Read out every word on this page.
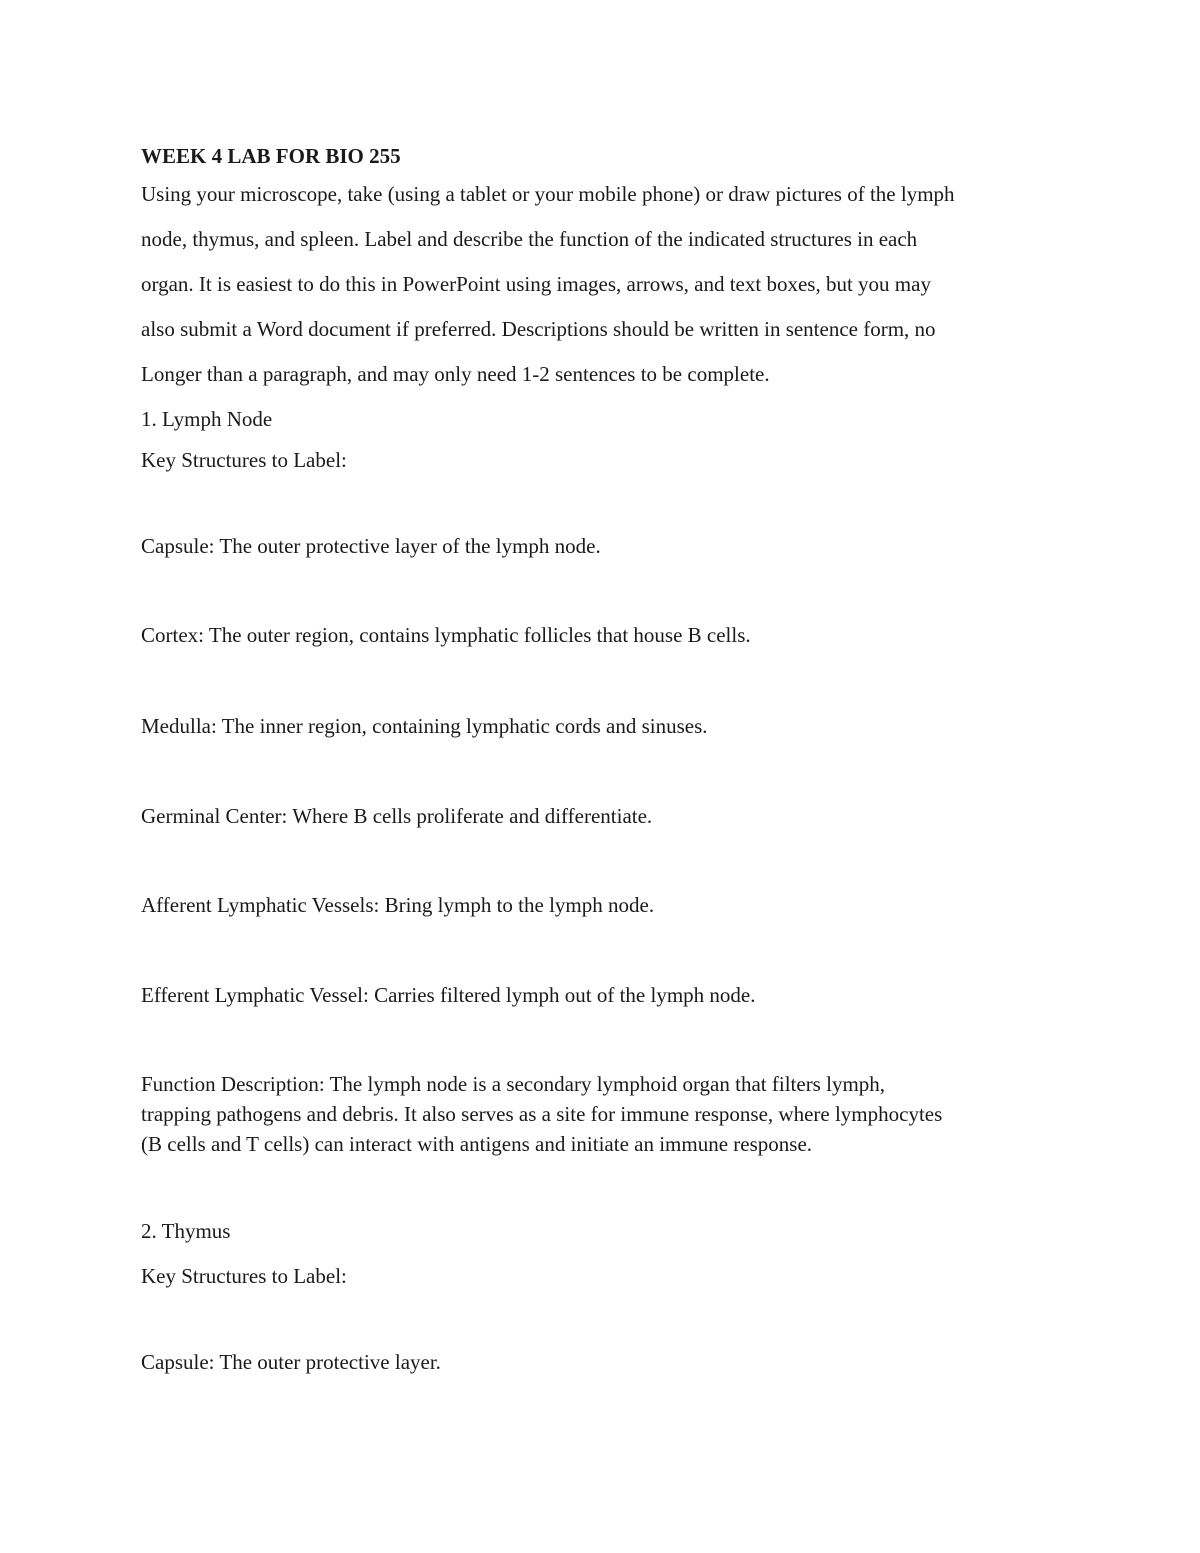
WEEK 4 LAB FOR BIO 255

Using your microscope, take (using a tablet or your mobile phone) or draw pictures of the lymph
node, thymus, and spleen. Label and describe the function of the indicated structures in each
organ. It is easiest to do this in PowerPoint using images, arrows, and text boxes, but you may
also submit a Word document if preferred. Descriptions should be written in sentence form, no
Longer than a paragraph, and may only need 1-2 sentences to be complete.

1. Lymph Node

Key Structures to Label:

Capsule: The outer protective layer of the lymph node.

Cortex: The outer region, contains lymphatic follicles that house B cells.

Medulla: The inner region, containing lymphatic cords and sinuses.

Germinal Center: Where B cells proliferate and differentiate.

Afferent Lymphatic Vessels: Bring lymph to the lymph node.

Efferent Lymphatic Vessel: Carries filtered lymph out of the lymph node.

Function Description: The lymph node is a secondary lymphoid organ that filters lymph,
trapping pathogens and debris. It also serves as a site for immune response, where lymphocytes
(B cells and T cells) can interact with antigens and initiate an immune response.

2. Thymus

Key Structures to Label:

Capsule: The outer protective layer.
